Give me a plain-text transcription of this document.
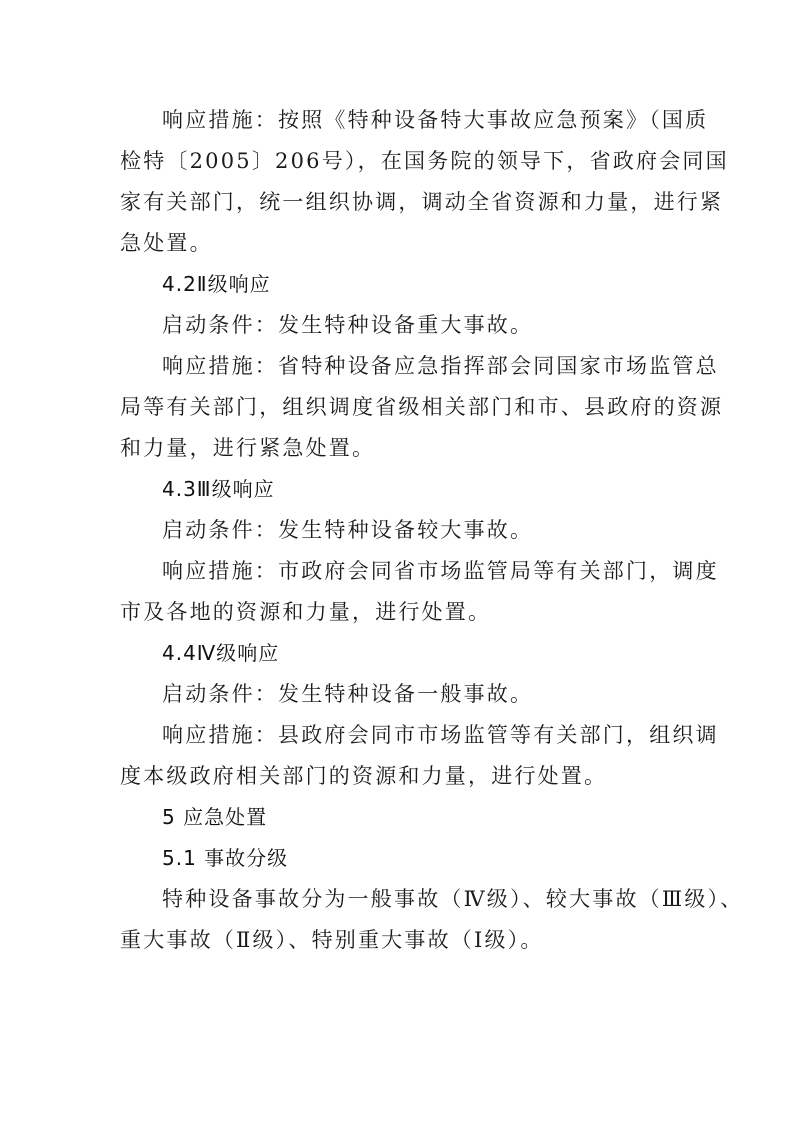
响应措施：按照《特种设备特大事故应急预案》（国质
检特〔2005〕206号），在国务院的领导下，省政府会同国
家有关部门，统一组织协调，调动全省资源和力量，进行紧
急处置。
4.2Ⅱ级响应
启动条件：发生特种设备重大事故。
响应措施：省特种设备应急指挥部会同国家市场监管总
局等有关部门，组织调度省级相关部门和市、县政府的资源
和力量，进行紧急处置。
4.3Ⅲ级响应
启动条件：发生特种设备较大事故。
响应措施：市政府会同省市场监管局等有关部门，调度
市及各地的资源和力量，进行处置。
4.4Ⅳ级响应
启动条件：发生特种设备一般事故。
响应措施：县政府会同市市场监管等有关部门，组织调
度本级政府相关部门的资源和力量，进行处置。
5 应急处置
5.1 事故分级
特种设备事故分为一般事故（Ⅳ级）、较大事故（Ⅲ级）、
重大事故（Ⅱ级）、特别重大事故（Ⅰ级）。
